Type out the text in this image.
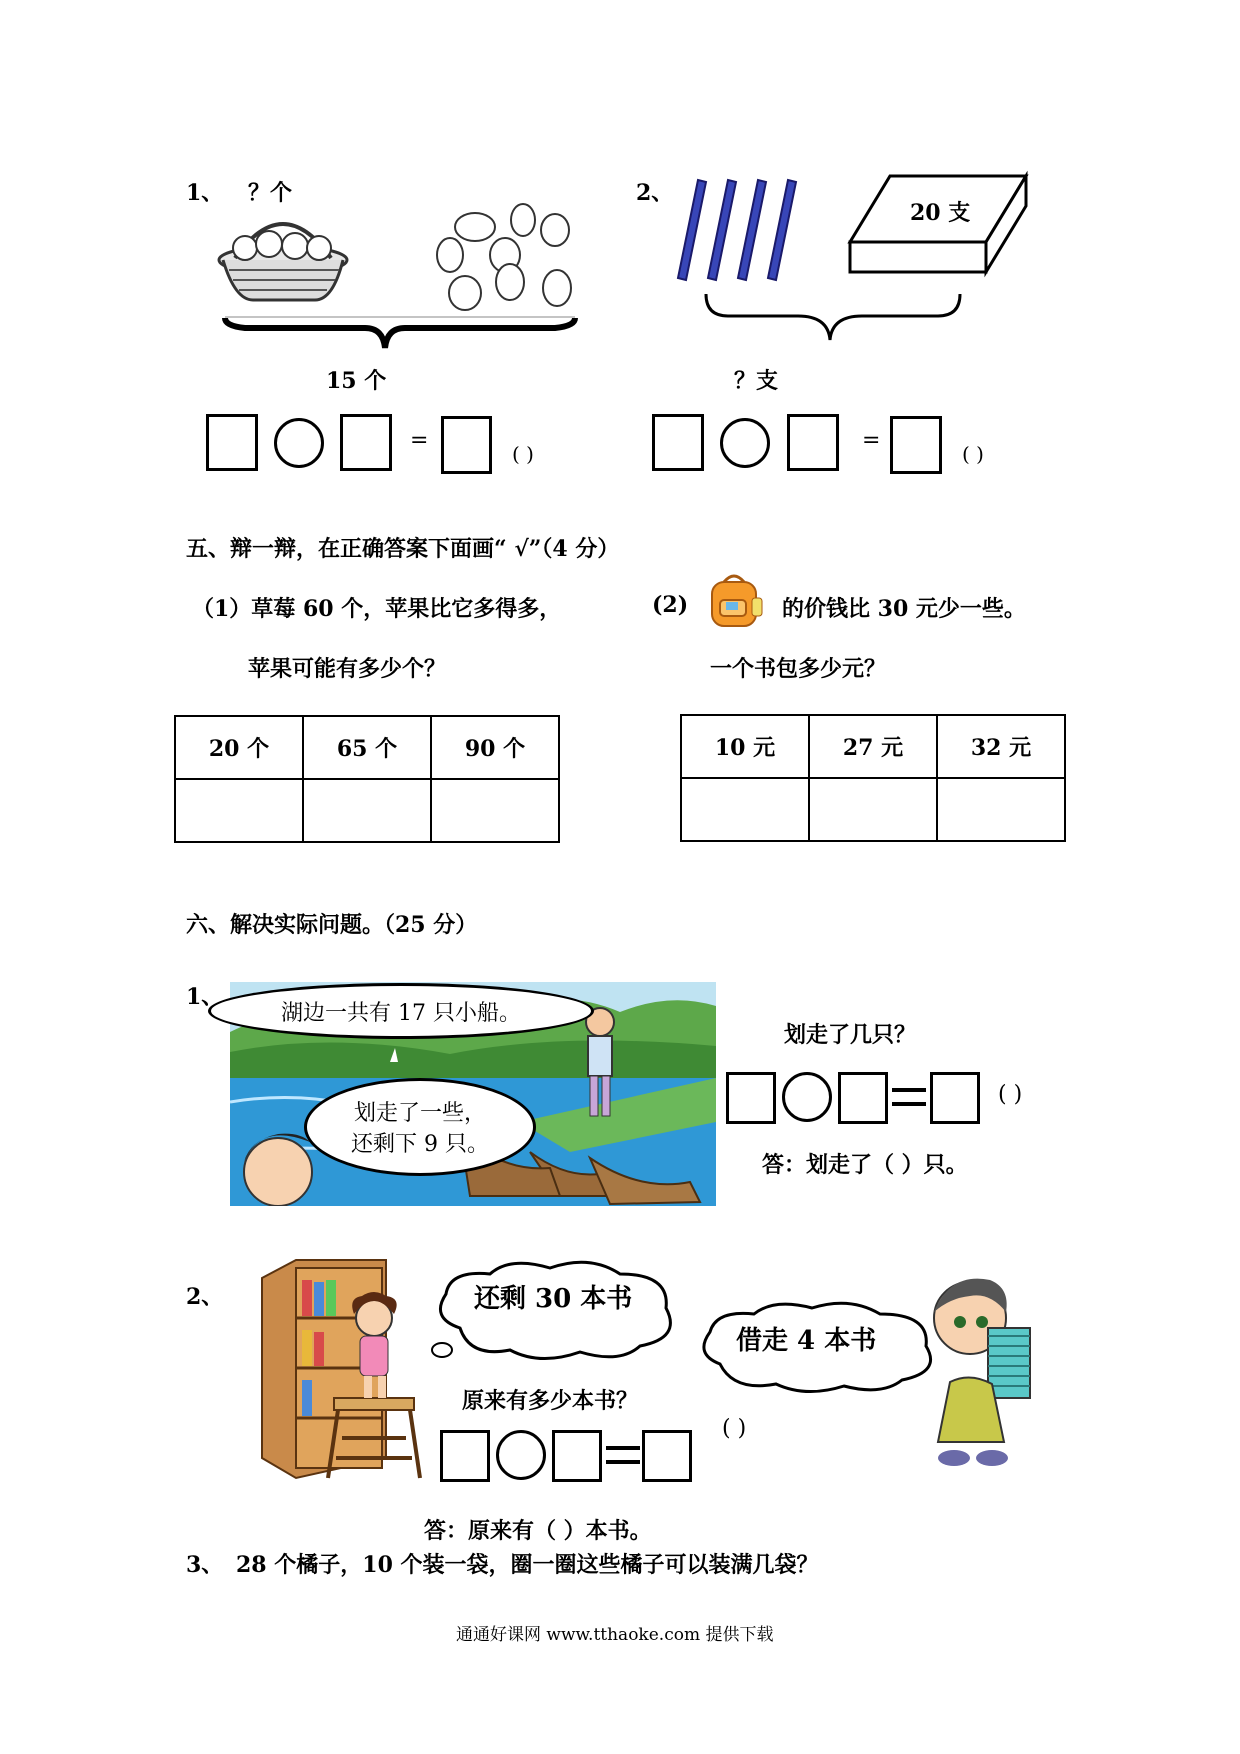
1、 ？个
15 个
=
( )
2、
20 支
？支
=
( )
五、辩一辩，在正确答案下面画“ √”（4 分）
（1）草莓 60 个，苹果比它多得多，
苹果可能有多少个？
20 个	65 个	90 个

(2)	的价钱比 30 元少一些。
一个书包多少元？
10 元	27 元	32 元

六、解决实际问题。（25 分）
1、
湖边一共有 17 只小船。
划走了一些，
还剩下 9 只。
划走了几只？
( )
答：划走了（ ）只。
2、	还剩 30 本书
借走 4 本书
原来有多少本书？
( )
答：原来有（ ）本书。
3、 28 个橘子，10 个装一袋，圈一圈这些橘子可以装满几袋？
通通好课网 www.tthaoke.com 提供下载
